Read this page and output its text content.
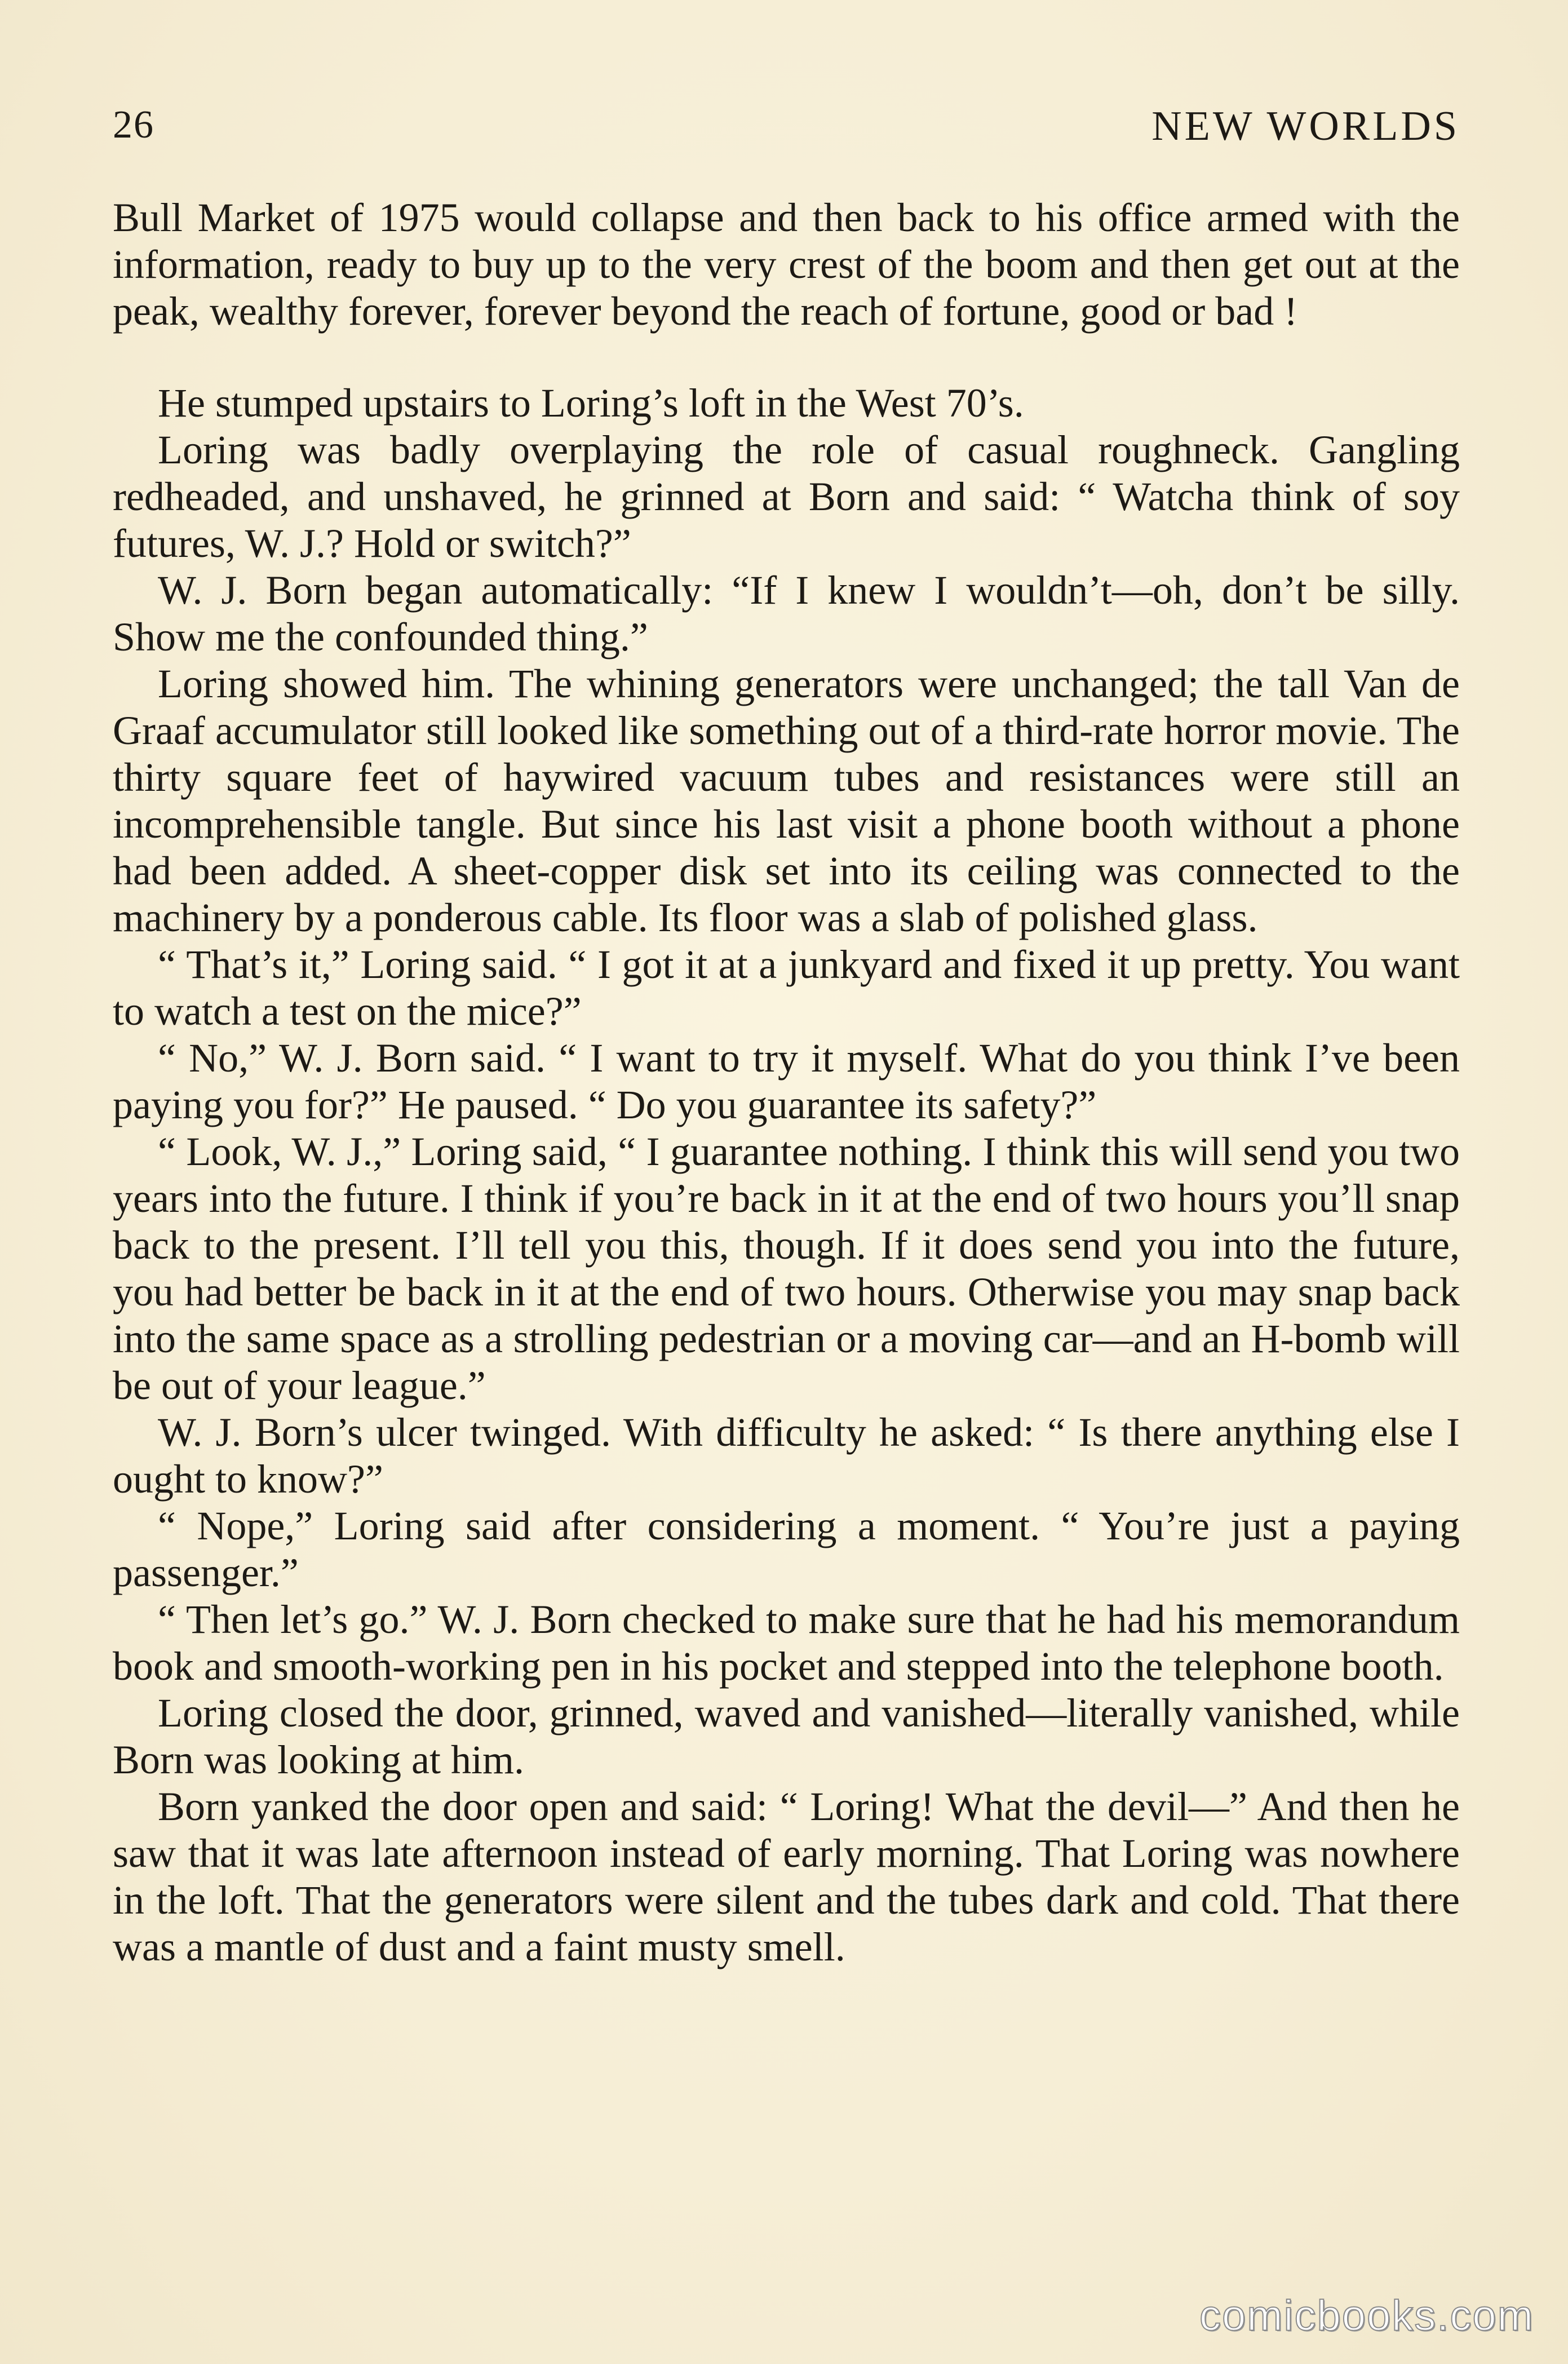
26	NEW WORLDS

Bull Market of 1975 would collapse and then back to his office armed with the information, ready to buy up to the very crest of the boom and then get out at the peak, wealthy forever, forever beyond the reach of fortune, good or bad !

He stumped upstairs to Loring’s loft in the West 70’s.

Loring was badly overplaying the role of casual roughneck. Gangling redheaded, and unshaved, he grinned at Born and said: “ Watcha think of soy futures, W. J.? Hold or switch?”

W. J. Born began automatically: “If I knew I wouldn’t—oh, don’t be silly. Show me the confounded thing.”

Loring showed him. The whining generators were unchanged; the tall Van de Graaf accumulator still looked like something out of a third-rate horror movie. The thirty square feet of haywired vacuum tubes and resistances were still an incomprehensible tangle. But since his last visit a phone booth without a phone had been added. A sheet-copper disk set into its ceiling was connected to the machinery by a ponderous cable. Its floor was a slab of polished glass.

“ That’s it,” Loring said. “ I got it at a junkyard and fixed it up pretty. You want to watch a test on the mice?”

“ No,” W. J. Born said. “ I want to try it myself. What do you think I’ve been paying you for?” He paused. “ Do you guarantee its safety?”

“ Look, W. J.,” Loring said, “ I guarantee nothing. I think this will send you two years into the future. I think if you’re back in it at the end of two hours you’ll snap back to the present. I’ll tell you this, though. If it does send you into the future, you had better be back in it at the end of two hours. Otherwise you may snap back into the same space as a strolling pedestrian or a moving car—and an H-bomb will be out of your league.”

W. J. Born’s ulcer twinged. With difficulty he asked: “ Is there anything else I ought to know?”

“ Nope,” Loring said after considering a moment. “ You’re just a paying passenger.”

“ Then let’s go.” W. J. Born checked to make sure that he had his memorandum book and smooth-working pen in his pocket and stepped into the telephone booth.

Loring closed the door, grinned, waved and vanished—literally vanished, while Born was looking at him.

Born yanked the door open and said: “ Loring! What the devil—” And then he saw that it was late afternoon instead of early morning. That Loring was nowhere in the loft. That the generators were silent and the tubes dark and cold. That there was a mantle of dust and a faint musty smell.

comicbooks.com
